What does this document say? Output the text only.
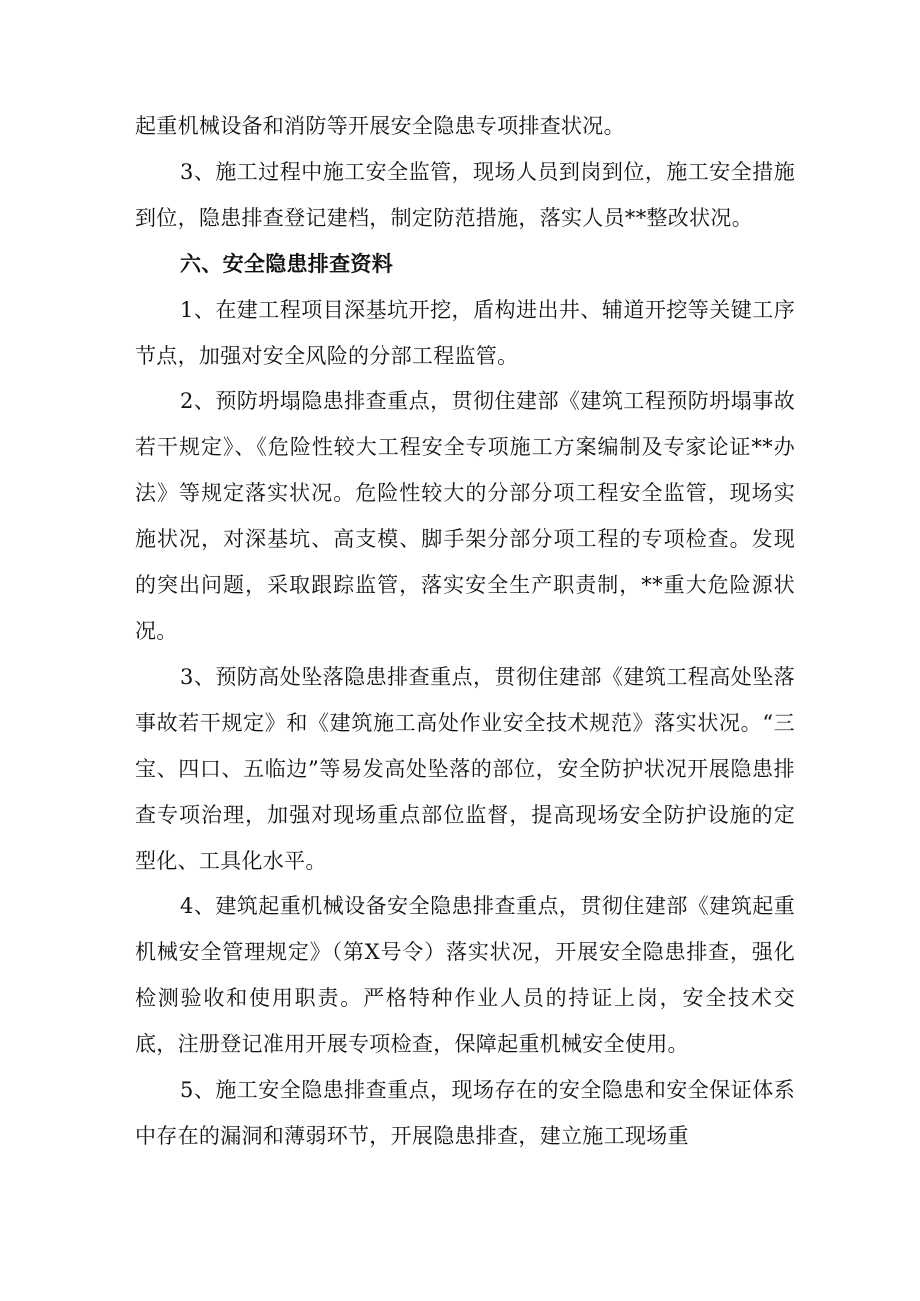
起重机械设备和消防等开展安全隐患专项排查状况。

3、施工过程中施工安全监管，现场人员到岗到位，施工安全措施到位，隐患排查登记建档，制定防范措施，落实人员**整改状况。

六、安全隐患排查资料

1、在建工程项目深基坑开挖，盾构进出井、辅道开挖等关键工序节点，加强对安全风险的分部工程监管。

2、预防坍塌隐患排查重点，贯彻住建部《建筑工程预防坍塌事故若干规定》、《危险性较大工程安全专项施工方案编制及专家论证**办法》等规定落实状况。危险性较大的分部分项工程安全监管，现场实施状况，对深基坑、高支模、脚手架分部分项工程的专项检查。发现的突出问题，采取跟踪监管，落实安全生产职责制，**重大危险源状况。

3、预防高处坠落隐患排查重点，贯彻住建部《建筑工程高处坠落事故若干规定》和《建筑施工高处作业安全技术规范》落实状况。“三宝、四口、五临边”等易发高处坠落的部位，安全防护状况开展隐患排查专项治理，加强对现场重点部位监督，提高现场安全防护设施的定型化、工具化水平。

4、建筑起重机械设备安全隐患排查重点，贯彻住建部《建筑起重机械安全管理规定》（第X号令）落实状况，开展安全隐患排查，强化检测验收和使用职责。严格特种作业人员的持证上岗，安全技术交底，注册登记准用开展专项检查，保障起重机械安全使用。

5、施工安全隐患排查重点，现场存在的安全隐患和安全保证体系中存在的漏洞和薄弱环节，开展隐患排查，建立施工现场重
